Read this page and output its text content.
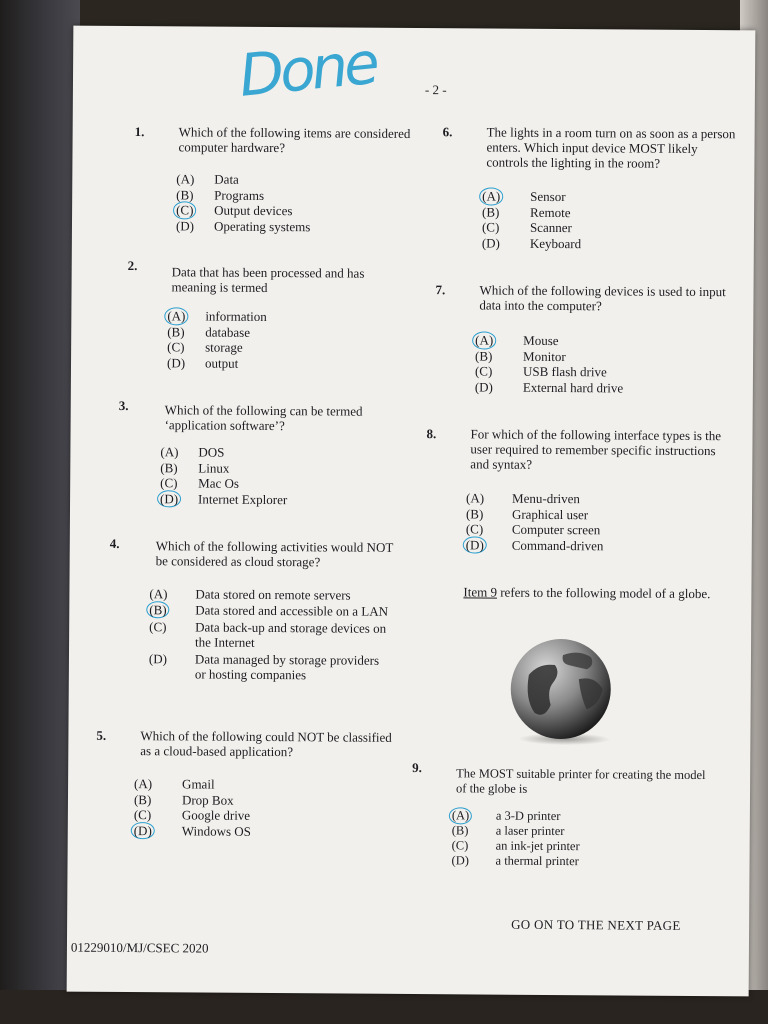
Done	- 2 -
1.	Which of the following items are considered computer hardware?
(A)	Data
(B)	Programs
(C)	Output devices
(D)	Operating systems
2.	Data that has been processed and has meaning is termed
(A)	information
(B)	database
(C)	storage
(D)	output
3.	Which of the following can be termed ‘application software’?
(A)	DOS
(B)	Linux
(C)	Mac Os
(D)	Internet Explorer
4.	Which of the following activities would NOT be considered as cloud storage?
(A)	Data stored on remote servers
(B)	Data stored and accessible on a LAN
(C)	Data back-up and storage devices on the Internet
(D)	Data managed by storage providers or hosting companies
5.	Which of the following could NOT be classified as a cloud-based application?
(A)	Gmail
(B)	Drop Box
(C)	Google drive
(D)	Windows OS
6.	The lights in a room turn on as soon as a person enters. Which input device MOST likely controls the lighting in the room?
(A)	Sensor
(B)	Remote
(C)	Scanner
(D)	Keyboard
7.	Which of the following devices is used to input data into the computer?
(A)	Mouse
(B)	Monitor
(C)	USB flash drive
(D)	External hard drive
8.	For which of the following interface types is the user required to remember specific instructions and syntax?
(A)	Menu-driven
(B)	Graphical user
(C)	Computer screen
(D)	Command-driven
Item 9 refers to the following model of a globe.
9.	The MOST suitable printer for creating the model of the globe is
(A)	a 3-D printer
(B)	a laser printer
(C)	an ink-jet printer
(D)	a thermal printer
GO ON TO THE NEXT PAGE
01229010/MJ/CSEC 2020
